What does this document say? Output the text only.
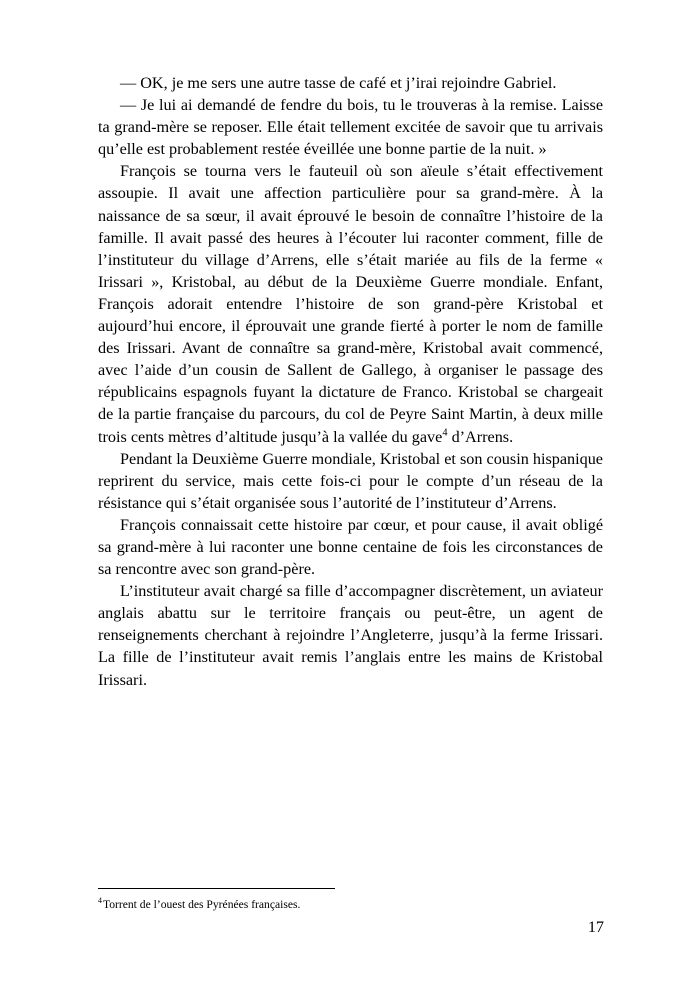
— OK, je me sers une autre tasse de café et j’irai rejoindre Gabriel.

— Je lui ai demandé de fendre du bois, tu le trouveras à la remise. Laisse ta grand-mère se reposer. Elle était tellement excitée de savoir que tu arrivais qu’elle est probablement restée éveillée une bonne partie de la nuit. »

François se tourna vers le fauteuil où son aïeule s’était effectivement assoupie. Il avait une affection particulière pour sa grand-mère. À la naissance de sa sœur, il avait éprouvé le besoin de connaître l’histoire de la famille. Il avait passé des heures à l’écouter lui raconter comment, fille de l’instituteur du village d’Arrens, elle s’était mariée au fils de la ferme « Irissari », Kristobal, au début de la Deuxième Guerre mondiale. Enfant, François adorait entendre l’histoire de son grand-père Kristobal et aujourd’hui encore, il éprouvait une grande fierté à porter le nom de famille des Irissari. Avant de connaître sa grand-mère, Kristobal avait commencé, avec l’aide d’un cousin de Sallent de Gallego, à organiser le passage des républicains espagnols fuyant la dictature de Franco. Kristobal se chargeait de la partie française du parcours, du col de Peyre Saint Martin, à deux mille trois cents mètres d’altitude jusqu’à la vallée du gave$^4$ d’Arrens.

Pendant la Deuxième Guerre mondiale, Kristobal et son cousin hispanique reprirent du service, mais cette fois-ci pour le compte d’un réseau de la résistance qui s’était organisée sous l’autorité de l’instituteur d’Arrens.

François connaissait cette histoire par cœur, et pour cause, il avait obligé sa grand-mère à lui raconter une bonne centaine de fois les circonstances de sa rencontre avec son grand-père.

L’instituteur avait chargé sa fille d’accompagner discrètement, un aviateur anglais abattu sur le territoire français ou peut-être, un agent de renseignements cherchant à rejoindre l’Angleterre, jusqu’à la ferme Irissari. La fille de l’instituteur avait remis l’anglais entre les mains de Kristobal Irissari.

$^4$Torrent de l’ouest des Pyrénées françaises.

17
